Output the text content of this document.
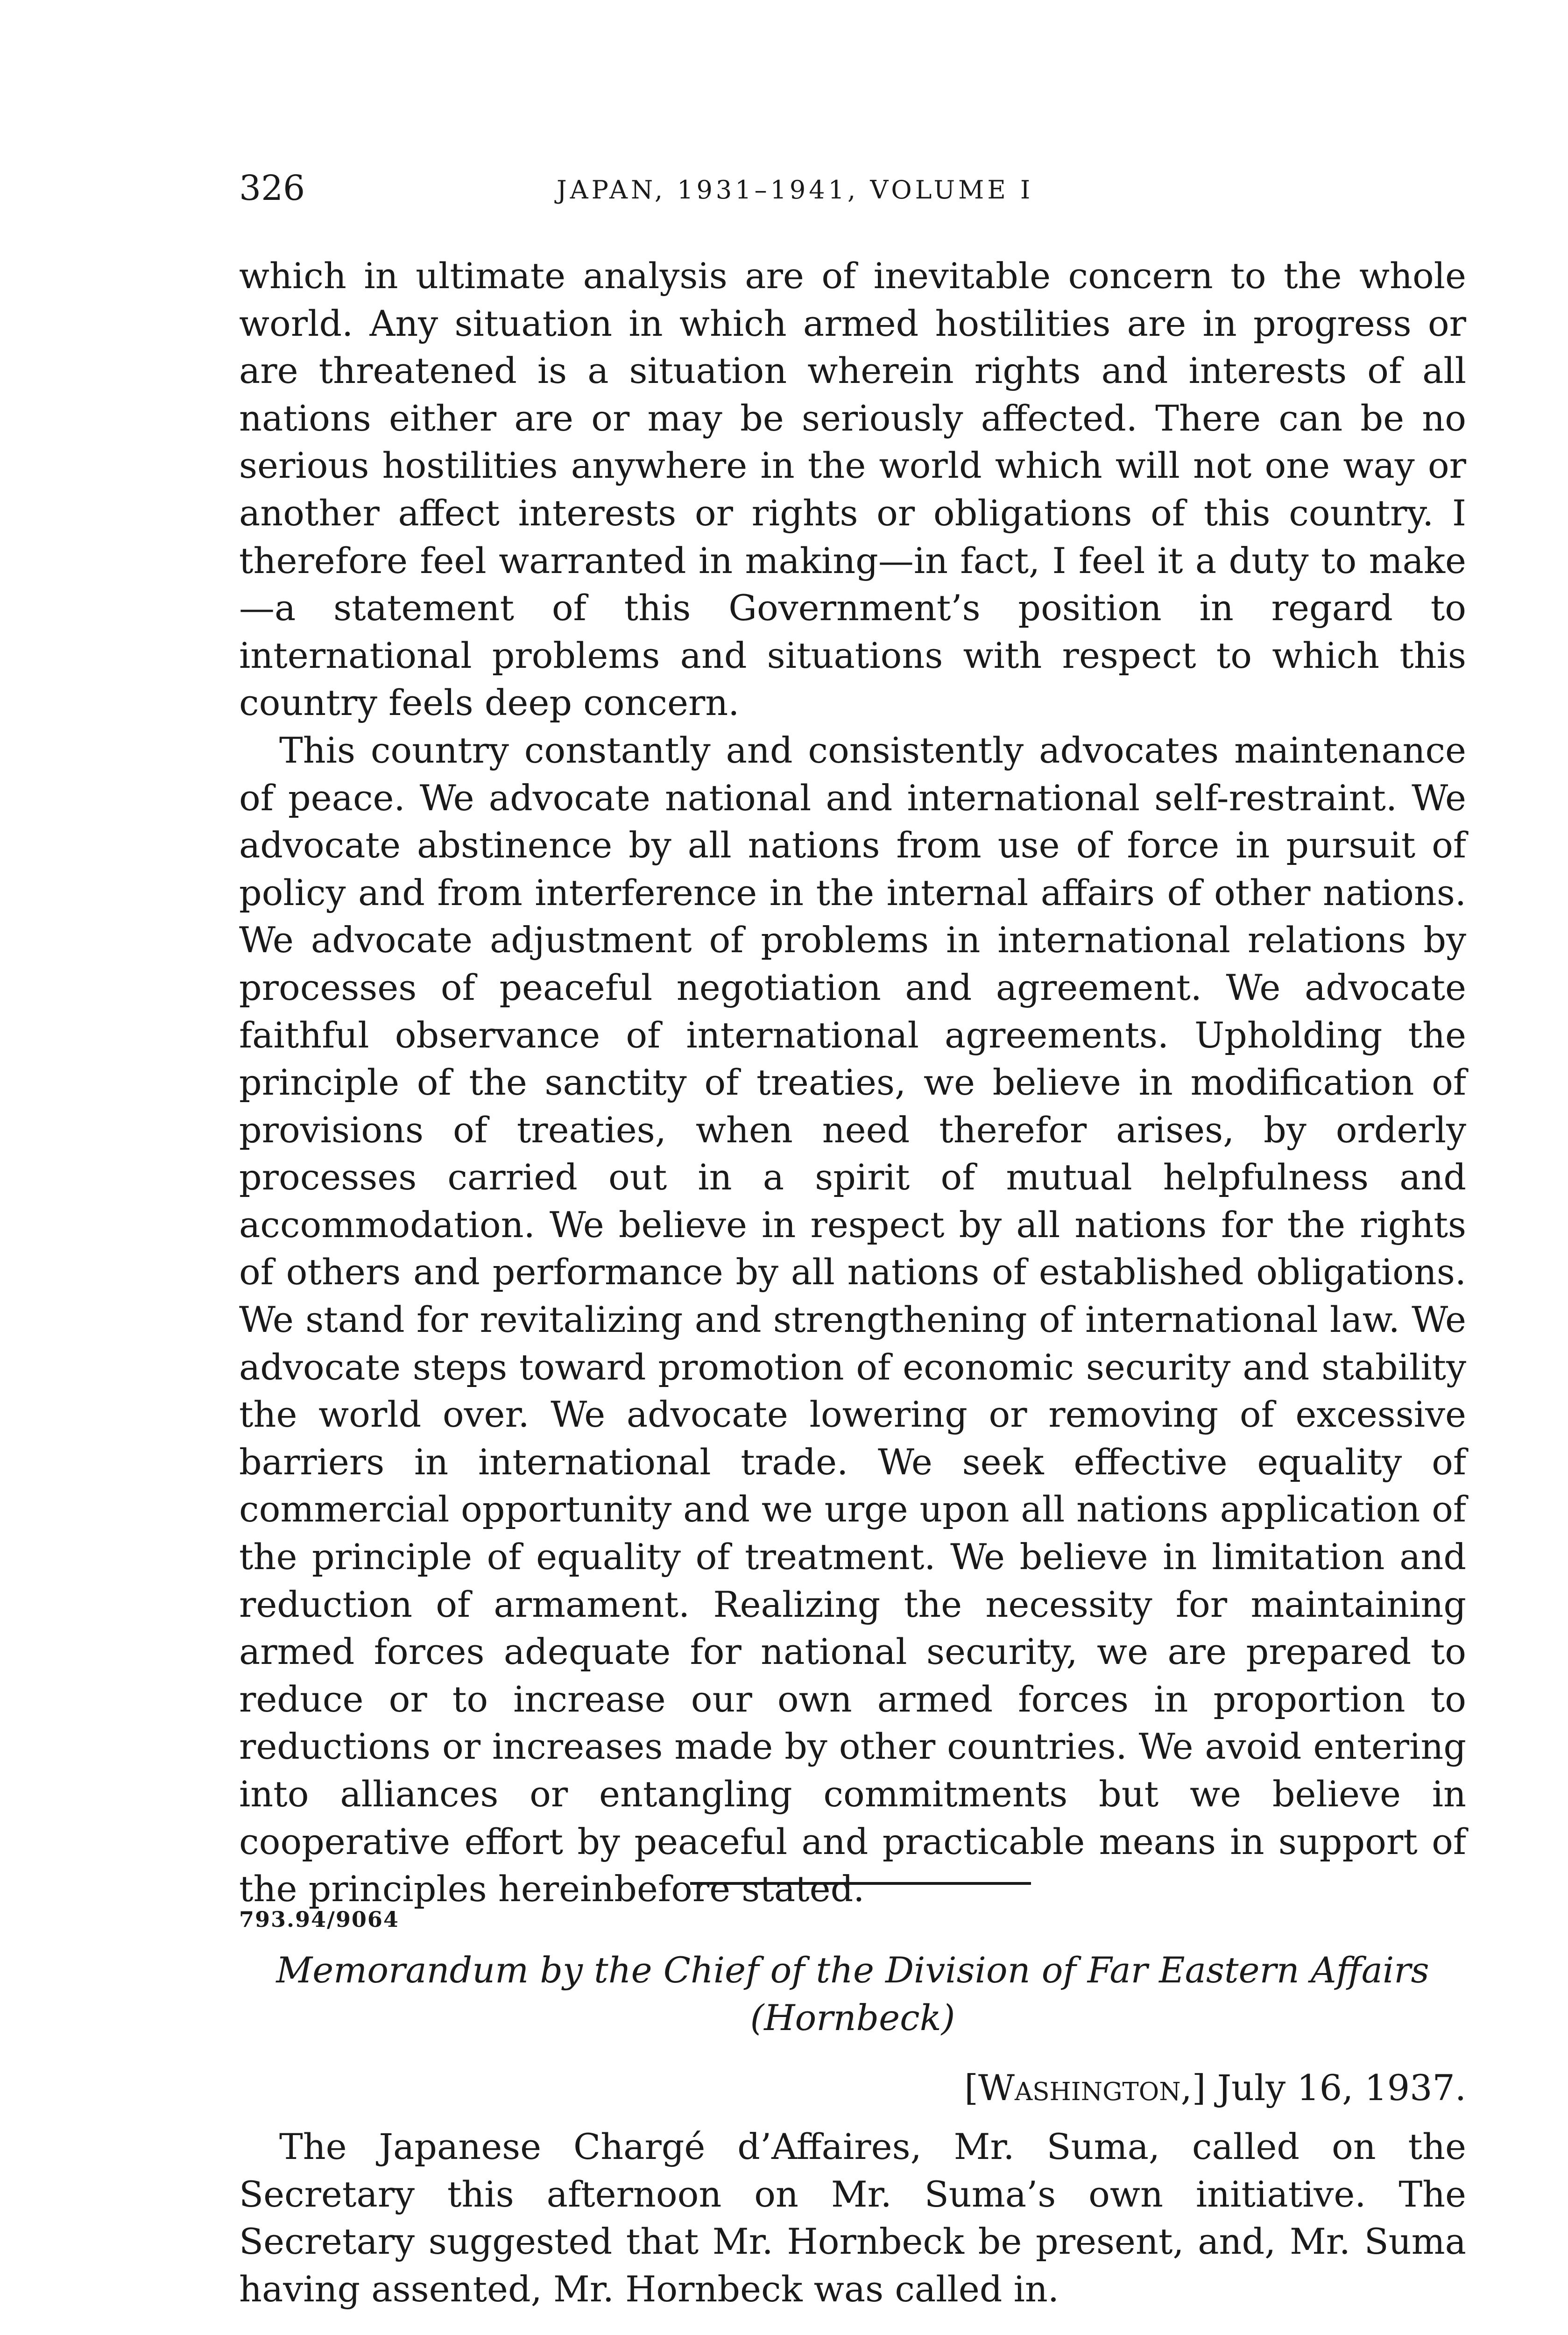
326	JAPAN, 1931–1941, VOLUME I

which in ultimate analysis are of inevitable concern to the whole world. Any situation in which armed hostilities are in progress or are threatened is a situation wherein rights and interests of all nations either are or may be seriously affected. There can be no serious hostilities anywhere in the world which will not one way or another affect interests or rights or obligations of this country. I therefore feel warranted in making—in fact, I feel it a duty to make—a statement of this Government’s position in regard to international problems and situations with respect to which this country feels deep concern.

This country constantly and consistently advocates maintenance of peace. We advocate national and international self-restraint. We advocate abstinence by all nations from use of force in pursuit of policy and from interference in the internal affairs of other nations. We advocate adjustment of problems in international relations by processes of peaceful negotiation and agreement. We advocate faithful observance of international agreements. Upholding the principle of the sanctity of treaties, we believe in modification of provisions of treaties, when need therefor arises, by orderly processes carried out in a spirit of mutual helpfulness and accommodation. We believe in respect by all nations for the rights of others and performance by all nations of established obligations. We stand for revitalizing and strengthening of international law. We advocate steps toward promotion of economic security and stability the world over. We advocate lowering or removing of excessive barriers in international trade. We seek effective equality of commercial opportunity and we urge upon all nations application of the principle of equality of treatment. We believe in limitation and reduction of armament. Realizing the necessity for maintaining armed forces adequate for national security, we are prepared to reduce or to increase our own armed forces in proportion to reductions or increases made by other countries. We avoid entering into alliances or entangling commitments but we believe in cooperative effort by peaceful and practicable means in support of the principles hereinbefore stated.

793.94/9064
Memorandum by the Chief of the Division of Far Eastern Affairs
(Hornbeck)
[Washington,] July 16, 1937.

The Japanese Chargé d’Affaires, Mr. Suma, called on the Secretary this afternoon on Mr. Suma’s own initiative. The Secretary suggested that Mr. Hornbeck be present, and, Mr. Suma having assented, Mr. Hornbeck was called in.
